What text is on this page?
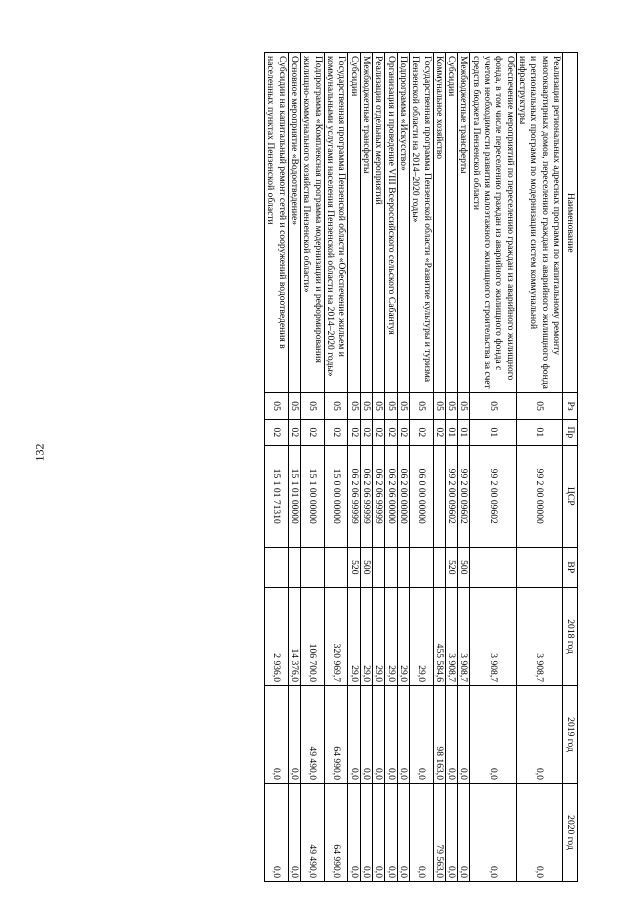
132
Наименование	Рз	Пр	ЦСР	ВР	2018 год	2019 год	2020 год
Реализация региональных адресных программ по капитальному ремонту многоквартирных домов, переселению граждан из аварийного жилищного фонда и региональных программ по модернизации систем коммунальной инфраструктуры	05	01	99 2 00 00000		3 908,7	0,0	0,0
Обеспечение мероприятий по переселению граждан из аварийного жилищного фонда, в том числе переселению граждан из аварийного жилищного фонда с учетом необходимости развития малоэтажного жилищного строительства за счет средств бюджета Пензенской области	05	01	99 2 00 09602		3 908,7	0,0	0,0
Межбюджетные трансферты	05	01	99 2 00 09602	500	3 908,7	0,0	0,0
Субсидии	05	01	99 2 00 09602	520	3 908,7	0,0	0,0
Коммунальное хозяйство	05	02			455 584,6	98 163,0	79 563,0
Государственная программа Пензенской области «Развитие культуры и туризма Пензенской области на 2014–2020 годы»	05	02	06 0 00 00000		29,0	0,0	0,0
Подпрограмма «Искусство»	05	02	06 2 00 00000		29,0	0,0	0,0
Организация и проведение VIII Всероссийского сельского Сабантуя	05	02	06 2 06 00000		29,0	0,0	0,0
Реализация отдельных мероприятий	05	02	06 2 06 99999		29,0	0,0	0,0
Межбюджетные трансферты	05	02	06 2 06 99999	500	29,0	0,0	0,0
Субсидии	05	02	06 2 06 99999	520	29,0	0,0	0,0
Государственная программа Пензенской области «Обеспечение жильем и коммунальными услугами населения Пензенской области на 2014–2020 годы»	05	02	15 0 00 00000		320 969,7	64 990,0	64 990,0
Подпрограмма «Комплексная программа модернизации и реформирования жилищно-коммунального хозяйства Пензенской области»	05	02	15 1 00 00000		106 700,0	49 490,0	49 490,0
Основное мероприятие «Водоотведение»	05	02	15 1 01 00000		14 376,0	0,0	0,0
Субсидии на капитальный ремонт сетей и сооружений водоотведения в населенных пунктах Пензенской области	05	02	15 1 01 71310		2 936,0	0,0	0,0
